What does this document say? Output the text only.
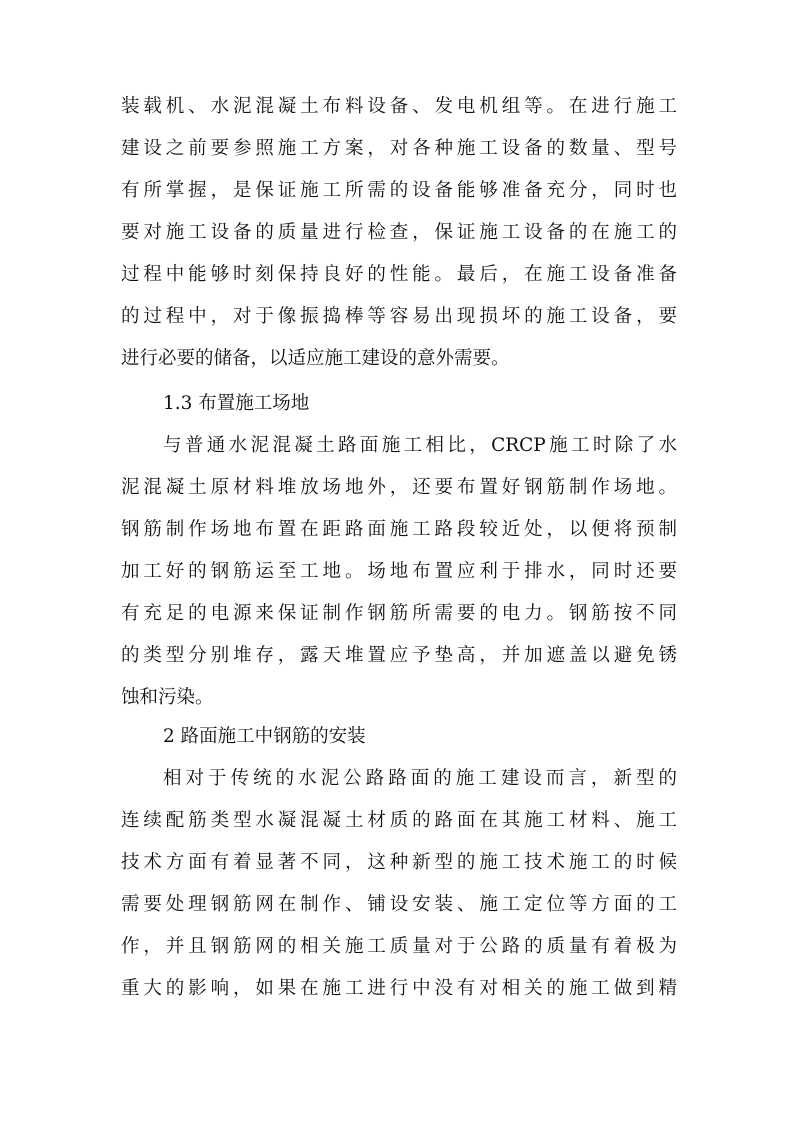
装载机、水泥混凝土布料设备、发电机组等。在进行施工
建设之前要参照施工方案，对各种施工设备的数量、型号
有所掌握，是保证施工所需的设备能够准备充分，同时也
要对施工设备的质量进行检查，保证施工设备的在施工的
过程中能够时刻保持良好的性能。最后，在施工设备准备
的过程中，对于像振捣棒等容易出现损坏的施工设备，要
进行必要的储备，以适应施工建设的意外需要。
1.3 布置施工场地
与普通水泥混凝土路面施工相比，CRCP施工时除了水
泥混凝土原材料堆放场地外，还要布置好钢筋制作场地。
钢筋制作场地布置在距路面施工路段较近处，以便将预制
加工好的钢筋运至工地。场地布置应利于排水，同时还要
有充足的电源来保证制作钢筋所需要的电力。钢筋按不同
的类型分别堆存，露天堆置应予垫高，并加遮盖以避免锈
蚀和污染。
2 路面施工中钢筋的安装
相对于传统的水泥公路路面的施工建设而言，新型的
连续配筋类型水凝混凝土材质的路面在其施工材料、施工
技术方面有着显著不同，这种新型的施工技术施工的时候
需要处理钢筋网在制作、铺设安装、施工定位等方面的工
作，并且钢筋网的相关施工质量对于公路的质量有着极为
重大的影响，如果在施工进行中没有对相关的施工做到精
